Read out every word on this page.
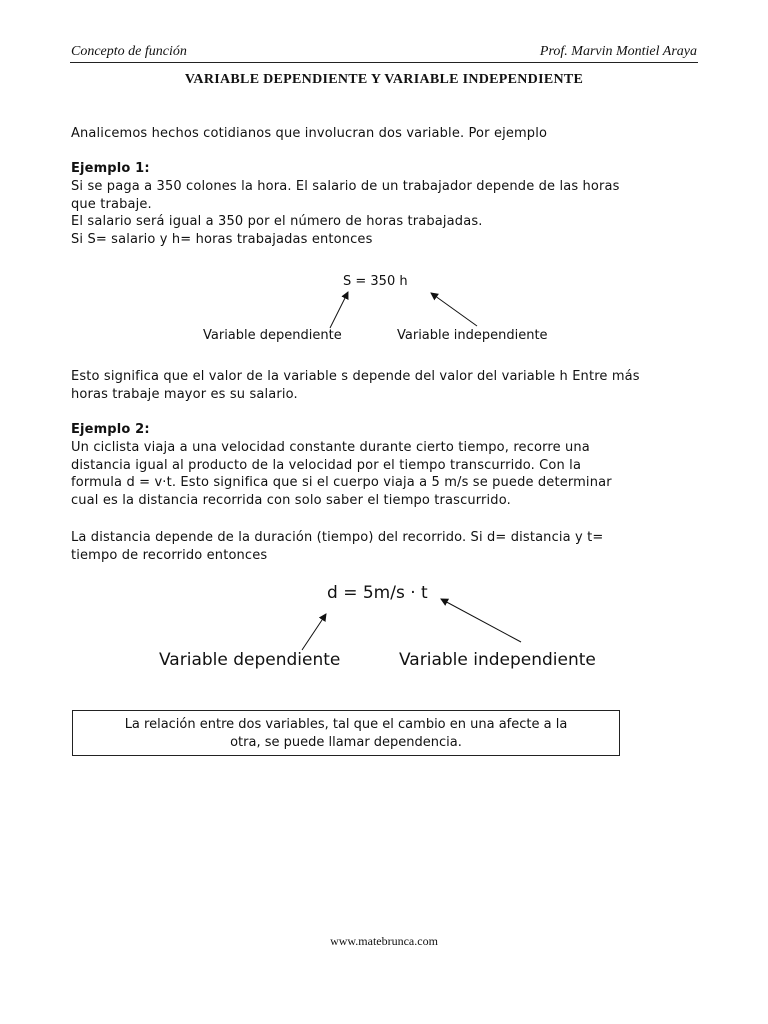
Concepto de función	Prof. Marvin Montiel Araya
VARIABLE DEPENDIENTE Y VARIABLE INDEPENDIENTE
Analicemos hechos cotidianos que involucran dos variable. Por ejemplo
Ejemplo 1:
Si se paga a 350 colones la hora. El salario de un trabajador depende de las horas
que trabaje.
El salario será igual a 350 por el número de horas trabajadas.
Si S= salario y h= horas trabajadas entonces
S = 350 h
Variable dependiente	Variable independiente
Esto significa que el valor de la variable s depende del valor del variable h Entre más
horas trabaje mayor es su salario.
Ejemplo 2:
Un ciclista viaja a una velocidad constante durante cierto tiempo, recorre una
distancia igual al producto de la velocidad por el tiempo transcurrido. Con la
formula d = v·t. Esto significa que si el cuerpo viaja a 5 m/s se puede determinar
cual es la distancia recorrida con solo saber el tiempo trascurrido.
La distancia depende de la duración (tiempo) del recorrido. Si d= distancia y t=
tiempo de recorrido entonces
d = 5m/s · t
Variable dependiente	Variable independiente
La relación entre dos variables, tal que el cambio en una afecte a la
otra, se puede llamar dependencia.
www.matebrunca.com
